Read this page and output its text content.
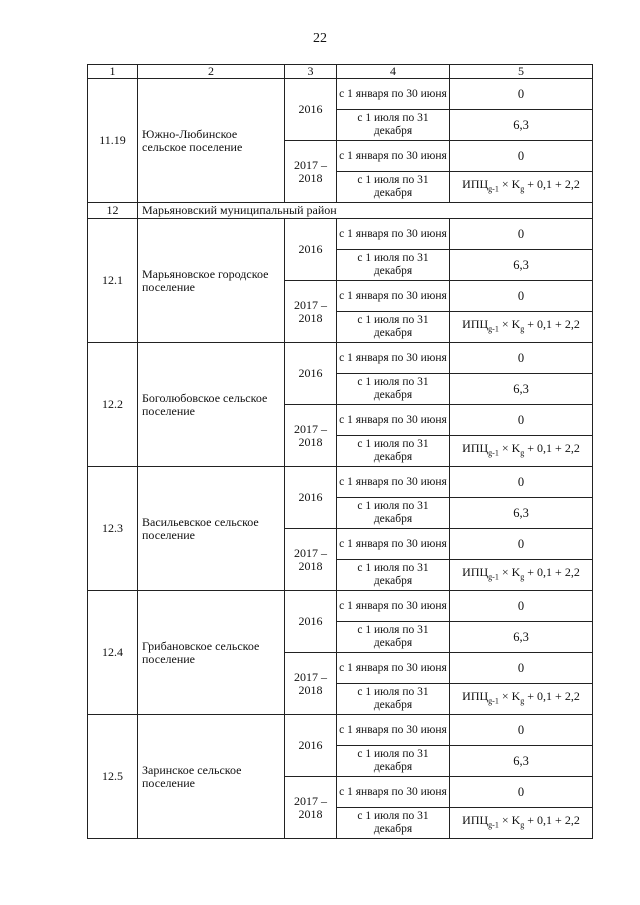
22
1	2	3	4	5
11.19	Южно-Любинское сельское поселение	2016	с 1 января по 30 июня	0
			с 1 июля по 31 декабря	6,3
		2017 – 2018	с 1 января по 30 июня	0
			с 1 июля по 31 декабря	$ИПЦ_{g-1} \times K_g + 0,1 + 2,2$
12	Марьяновский муниципальный район			
12.1	Марьяновское городское поселение	2016	с 1 января по 30 июня	0
			с 1 июля по 31 декабря	6,3
		2017 – 2018	с 1 января по 30 июня	0
			с 1 июля по 31 декабря	$ИПЦ_{g-1} \times K_g + 0,1 + 2,2$
12.2	Боголюбовское сельское поселение	2016	с 1 января по 30 июня	0
			с 1 июля по 31 декабря	6,3
		2017 – 2018	с 1 января по 30 июня	0
			с 1 июля по 31 декабря	$ИПЦ_{g-1} \times K_g + 0,1 + 2,2$
12.3	Васильевское сельское поселение	2016	с 1 января по 30 июня	0
			с 1 июля по 31 декабря	6,3
		2017 – 2018	с 1 января по 30 июня	0
			с 1 июля по 31 декабря	$ИПЦ_{g-1} \times K_g + 0,1 + 2,2$
12.4	Грибановское сельское поселение	2016	с 1 января по 30 июня	0
			с 1 июля по 31 декабря	6,3
		2017 – 2018	с 1 января по 30 июня	0
			с 1 июля по 31 декабря	$ИПЦ_{g-1} \times K_g + 0,1 + 2,2$
12.5	Заринское сельское поселение	2016	с 1 января по 30 июня	0
			с 1 июля по 31 декабря	6,3
		2017 – 2018	с 1 января по 30 июня	0
			с 1 июля по 31 декабря	$ИПЦ_{g-1} \times K_g + 0,1 + 2,2$
